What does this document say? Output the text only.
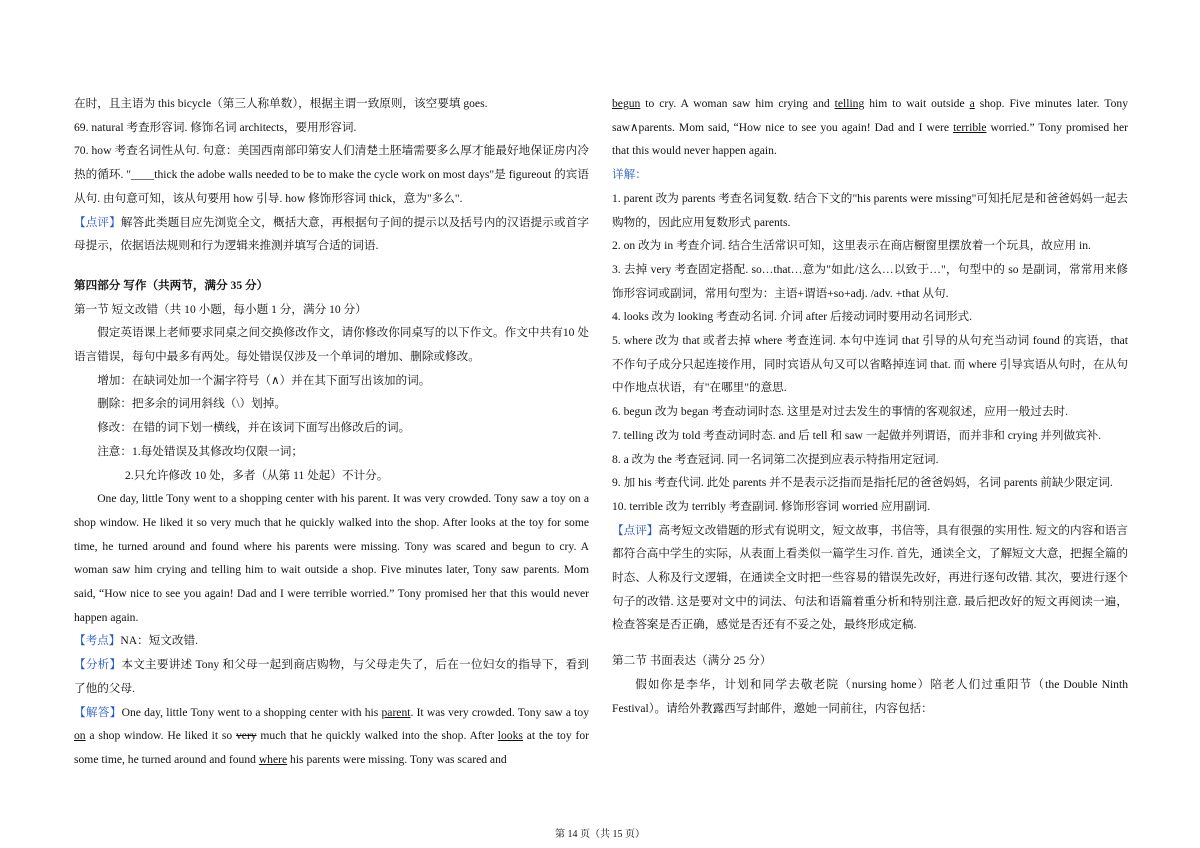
在时，且主语为 this bicycle（第三人称单数），根据主谓一致原则，该空要填 goes.

69. natural 考查形容词. 修饰名词 architects，要用形容词.

70. how 考查名词性从句. 句意：美国西南部印第安人们清楚土胚墙需要多么厚才能最好地保证房内冷热的循环. "____thick the adobe walls needed to be to make the cycle work on most days"是 figureout 的宾语从句. 由句意可知，该从句要用 how 引导. how 修饰形容词 thick，意为"多么".

【点评】解答此类题目应先浏览全文，概括大意，再根据句子间的提示以及括号内的汉语提示或首字母提示，依据语法规则和行为逻辑来推测并填写合适的词语.

第四部分 写作（共两节，满分 35 分）

第一节 短文改错（共 10 小题，每小题 1 分，满分 10 分）

假定英语课上老师要求同桌之间交换修改作文，请你修改你同桌写的以下作文。作文中共有10 处语言错误，每句中最多有两处。每处错误仅涉及一个单词的增加、删除或修改。

增加：在缺词处加一个漏字符号（∧）并在其下面写出该加的词。

删除：把多余的词用斜线（\）划掉。

修改：在错的词下划一横线，并在该词下面写出修改后的词。

注意：1.每处错误及其修改均仅限一词；

2.只允许修改 10 处，多者（从第 11 处起）不计分。

One day, little Tony went to a shopping center with his parent. It was very crowded. Tony saw a toy on a shop window. He liked it so very much that he quickly walked into the shop. After looks at the toy for some time, he turned around and found where his parents were missing. Tony was scared and begun to cry. A woman saw him crying and telling him to wait outside a shop. Five minutes later, Tony saw parents. Mom said, “How nice to see you again! Dad and I were terrible worried.” Tony promised her that this would never happen again.

【考点】NA：短文改错.

【分析】本文主要讲述 Tony 和父母一起到商店购物，与父母走失了，后在一位妇女的指导下，看到了他的父母.

【解答】One day, little Tony went to a shopping center with his parent. It was very crowded. Tony saw a toy on a shop window. He liked it so very much that he quickly walked into the shop. After looks at the toy for some time, he turned around and found where his parents were missing. Tony was scared and

begun to cry. A woman saw him crying and telling him to wait outside a shop. Five minutes later. Tony saw∧parents. Mom said, “How nice to see you again! Dad and I were terrible worried.” Tony promised her that this would never happen again.

详解：

1. parent 改为 parents 考查名词复数. 结合下文的"his parents were missing"可知托尼是和爸爸妈妈一起去购物的，因此应用复数形式 parents.

2. on 改为 in 考查介词. 结合生活常识可知，这里表示在商店橱窗里摆放着一个玩具，故应用 in.

3. 去掉 very 考查固定搭配. so…that…意为"如此/这么…以致于…"，句型中的 so 是副词，常常用来修饰形容词或副词，常用句型为：主语+谓语+so+adj. /adv. +that 从句.

4. looks 改为 looking 考查动名词. 介词 after 后接动词时要用动名词形式.

5. where 改为 that 或者去掉 where 考查连词. 本句中连词 that 引导的从句充当动词 found 的宾语，that 不作句子成分只起连接作用，同时宾语从句又可以省略掉连词 that. 而 where 引导宾语从句时，在从句中作地点状语，有"在哪里"的意思.

6. begun 改为 began 考查动词时态. 这里是对过去发生的事情的客观叙述，应用一般过去时.

7. telling 改为 told 考查动词时态. and 后 tell 和 saw 一起做并列谓语，而并非和 crying 并列做宾补.

8. a 改为 the 考查冠词. 同一名词第二次提到应表示特指用定冠词.

9. 加 his 考查代词. 此处 parents 并不是表示泛指而是指托尼的爸爸妈妈，名词 parents 前缺少限定词.

10. terrible 改为 terribly 考查副词. 修饰形容词 worried 应用副词.

【点评】高考短文改错题的形式有说明文，短文故事，书信等，具有很强的实用性. 短文的内容和语言都符合高中学生的实际，从表面上看类似一篇学生习作. 首先，通读全文，了解短文大意，把握全篇的时态、人称及行文逻辑，在通读全文时把一些容易的错误先改好，再进行逐句改错. 其次，要进行逐个句子的改错. 这是要对文中的词法、句法和语篇着重分析和特别注意. 最后把改好的短文再阅读一遍，检查答案是否正确，感觉是否还有不妥之处，最终形成定稿.

第二节 书面表达（满分 25 分）

假如你是李华，计划和同学去敬老院（nursing home）陪老人们过重阳节（the Double Ninth Festival）。请给外教露西写封邮件，邀她一同前往，内容包括：

第 14 页（共 15 页）
